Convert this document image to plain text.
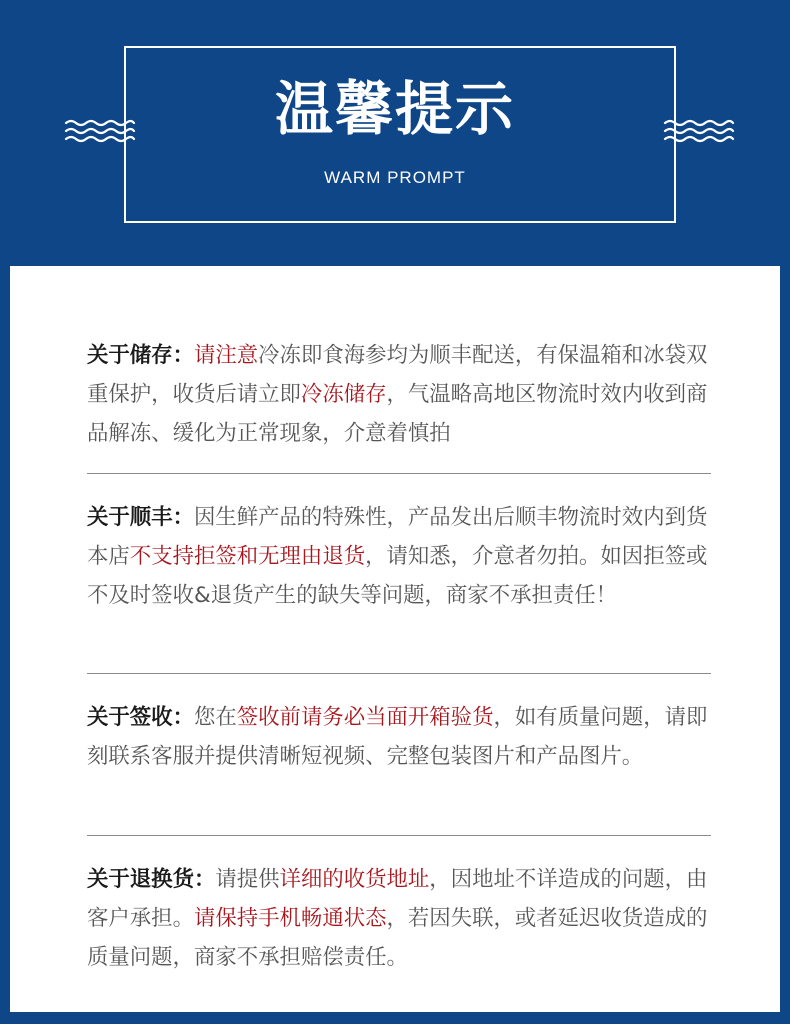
温馨提示
WARM PROMPT

关于储存：请注意冷冻即食海参均为顺丰配送，有保温箱和冰袋双重保护，收货后请立即冷冻储存，气温略高地区物流时效内收到商品解冻、缓化为正常现象，介意着慎拍

关于顺丰：因生鲜产品的特殊性，产品发出后顺丰物流时效内到货本店不支持拒签和无理由退货，请知悉，介意者勿拍。如因拒签或不及时签收&退货产生的缺失等问题，商家不承担责任！

关于签收：您在签收前请务必当面开箱验货，如有质量问题，请即刻联系客服并提供清晰短视频、完整包装图片和产品图片。

关于退换货：请提供详细的收货地址，因地址不详造成的问题，由客户承担。请保持手机畅通状态，若因失联，或者延迟收货造成的质量问题，商家不承担赔偿责任。
